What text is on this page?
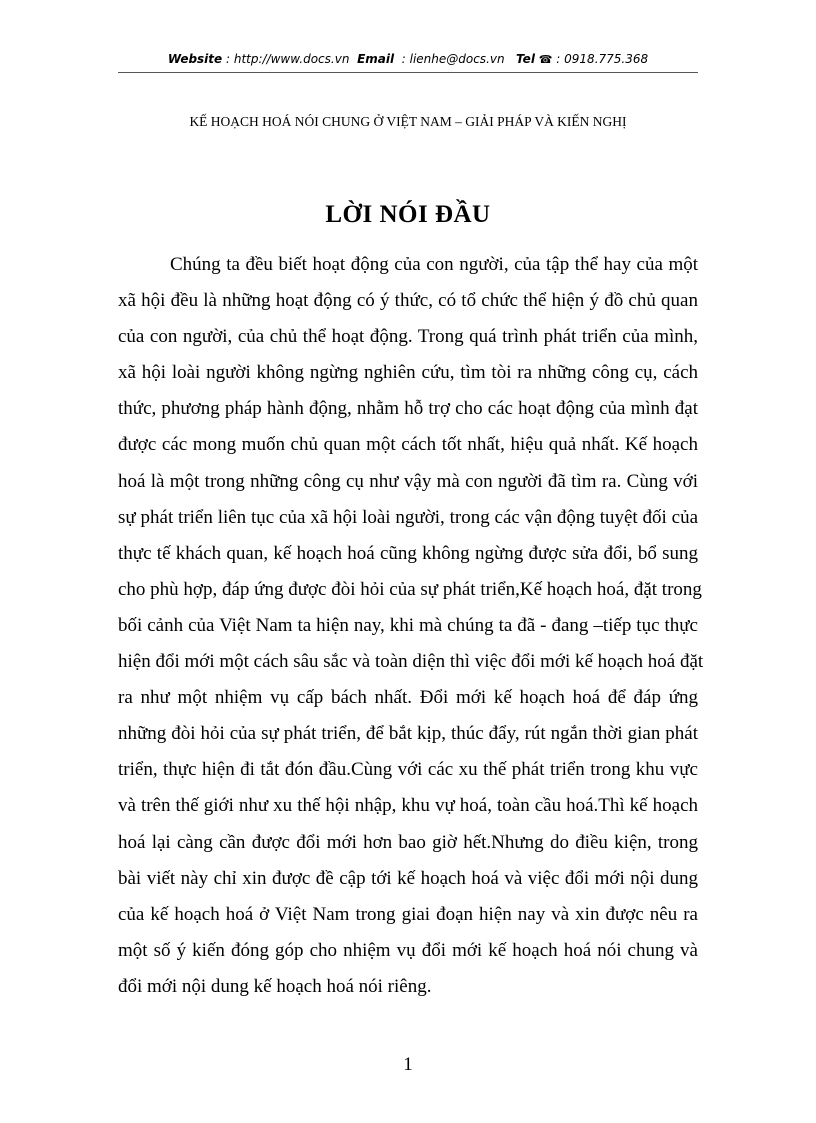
Website : http://www.docs.vn Email  : lienhe@docs.vn Tel ☎ : 0918.775.368
KẾ HOẠCH HOÁ NÓI CHUNG Ở VIỆT NAM – GIẢI PHÁP VÀ KIẾN NGHỊ
LỜI NÓI ĐẦU
Chúng ta đều biết hoạt động của con người, của tập thể hay của một
xã hội đều là những hoạt động có ý thức, có tổ chức thể hiện ý đồ chủ quan
của con người, của chủ thể hoạt động. Trong quá trình phát triển của mình,
xã hội loài người không ngừng nghiên cứu, tìm tòi ra những công cụ, cách
thức, phương pháp hành động, nhằm hỗ trợ cho các hoạt động của mình đạt
được các mong muốn chủ quan một cách tốt nhất, hiệu quả nhất. Kế hoạch
hoá là một trong những công cụ như vậy mà con người đã tìm ra. Cùng với
sự phát triển liên tục của xã hội loài người, trong các vận động tuyệt đối của
thực tế khách quan, kế hoạch hoá cũng không ngừng được sửa đổi, bổ sung
cho phù hợp, đáp ứng được đòi hỏi của sự phát triển,Kế hoạch hoá, đặt trong
bối cảnh của Việt Nam ta hiện nay, khi mà chúng ta đã - đang –tiếp tục thực
hiện đổi mới một cách sâu sắc và toàn diện thì việc đổi mới kế hoạch hoá đặt
ra như một nhiệm vụ cấp bách nhất. Đổi mới kế hoạch hoá để đáp ứng
những đòi hỏi của sự phát triển, để bắt kịp, thúc đẩy, rút ngắn thời gian phát
triển, thực hiện đi tắt đón đầu.Cùng với các xu thế phát triển trong khu vực
và trên thế giới như xu thế hội nhập, khu vự hoá, toàn cầu hoá.Thì kế hoạch
hoá lại càng cần được đổi mới hơn bao giờ hết.Nhưng do điều kiện, trong
bài viết này chỉ xin được đề cập tới kế hoạch hoá và việc đổi mới nội dung
của kế hoạch hoá ở Việt Nam trong giai đoạn hiện nay và xin được nêu ra
một số ý kiến đóng góp cho nhiệm vụ đổi mới kế hoạch hoá nói chung và
đổi mới nội dung kế hoạch hoá nói riêng.
1
